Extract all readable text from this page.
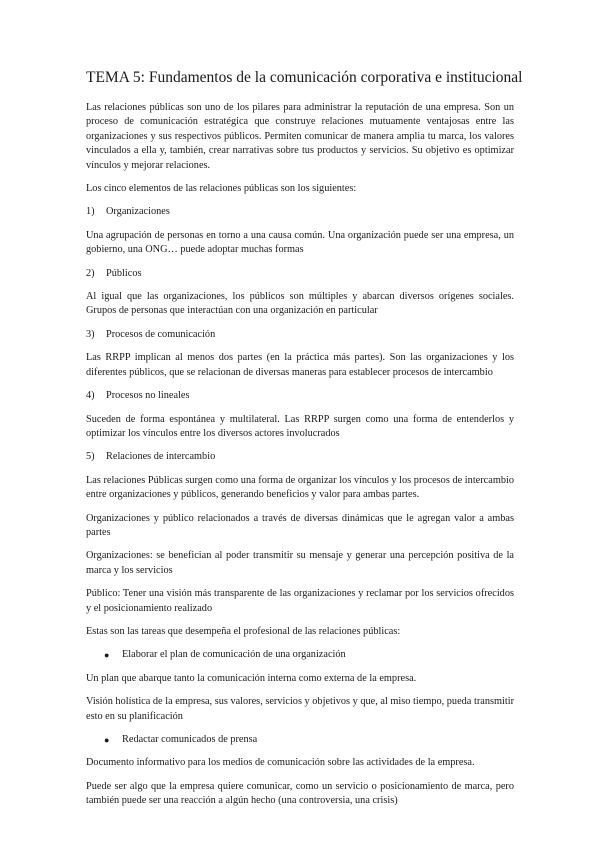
TEMA 5: Fundamentos de la comunicación corporativa e institucional

Las relaciones públicas son uno de los pilares para administrar la reputación de una empresa. Son un proceso de comunicación estratégica que construye relaciones mutuamente ventajosas entre las organizaciones y sus respectivos públicos. Permiten comunicar de manera amplia tu marca, los valores vinculados a ella y, también, crear narrativas sobre tus productos y servicios. Su objetivo es optimizar vínculos y mejorar relaciones.

Los cinco elementos de las relaciones públicas son los siguientes:

1)	Organizaciones

Una agrupación de personas en torno a una causa común. Una organización puede ser una empresa, un gobierno, una ONG… puede adoptar muchas formas

2)	Públicos

Al igual que las organizaciones, los públicos son múltiples y abarcan diversos orígenes sociales. Grupos de personas que interactúan con una organización en particular

3)	Procesos de comunicación

Las RRPP implican al menos dos partes (en la práctica más partes). Son las organizaciones y los diferentes públicos, que se relacionan de diversas maneras para establecer procesos de intercambio

4)	Procesos no lineales

Suceden de forma espontánea y multilateral. Las RRPP surgen como una forma de entenderlos y optimizar los vínculos entre los diversos actores involucrados

5)	Relaciones de intercambio

Las relaciones Públicas surgen como una forma de organizar los vínculos y los procesos de intercambio entre organizaciones y públicos, generando beneficios y valor para ambas partes.

Organizaciones y público relacionados a través de diversas dinámicas que le agregan valor a ambas partes

Organizaciones: se benefician al poder transmitir su mensaje y generar una percepción positiva de la marca y los servicios

Público: Tener una visión más transparente de las organizaciones y reclamar por los servicios ofrecidos y el posicionamiento realizado

Estas son las tareas que desempeña el profesional de las relaciones públicas:

●	Elaborar el plan de comunicación de una organización

Un plan que abarque tanto la comunicación interna como externa de la empresa.

Visión holística de la empresa, sus valores, servicios y objetivos y que, al miso tiempo, pueda transmitir esto en su planificación

●	Redactar comunicados de prensa

Documento informativo para los medios de comunicación sobre las actividades de la empresa.

Puede ser algo que la empresa quiere comunicar, como un servicio o posicionamiento de marca, pero también puede ser una reacción a algún hecho (una controversia, una crisis)
